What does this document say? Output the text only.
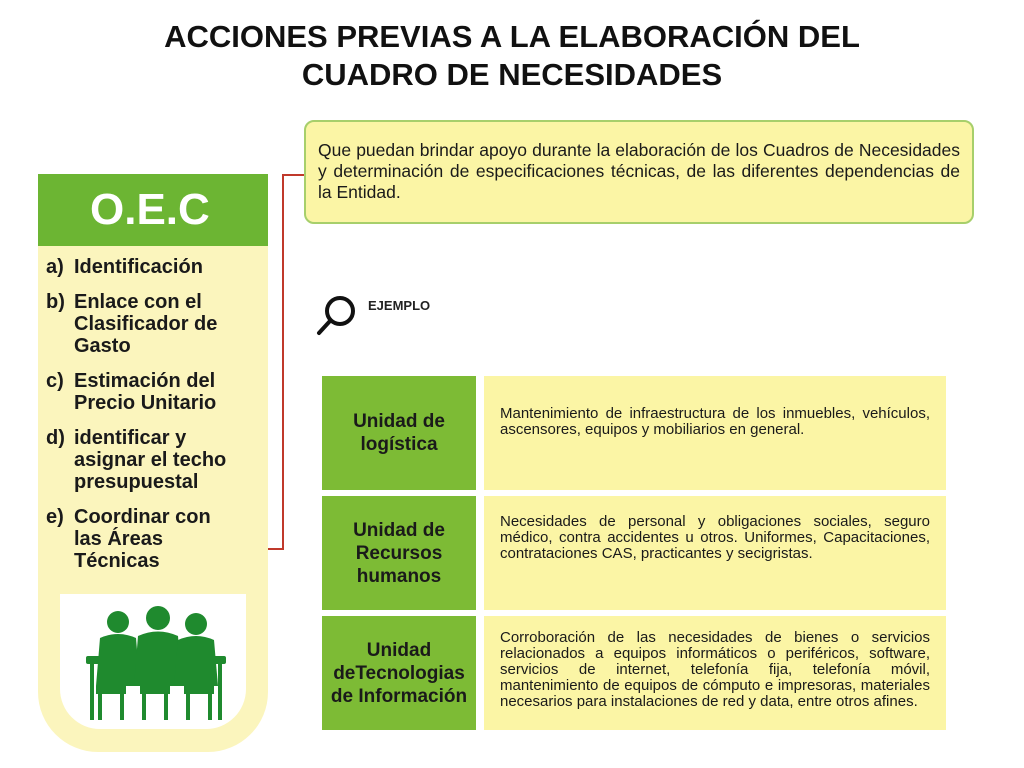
ACCIONES PREVIAS A LA ELABORACIÓN DEL
CUADRO DE NECESIDADES
O.E.C
a) Identificación
b) Enlace con el
Clasificador de
Gasto
c) Estimación del
Precio Unitario
d) identificar y
asignar el techo
presupuestal
e) Coordinar con
las Áreas
Técnicas
Que puedan brindar apoyo durante la elaboración de los Cuadros de Necesidades y determinación de especificaciones técnicas, de las diferentes dependencias de la Entidad.
EJEMPLO
Unidad de
logística
Mantenimiento de infraestructura de los inmuebles, vehículos, ascensores, equipos y mobiliarios en general.
Unidad de
Recursos
humanos
Necesidades de personal y obligaciones sociales, seguro médico, contra accidentes u otros. Uniformes, Capacitaciones, contrataciones CAS, practicantes y secigristas.
Unidad
deTecnologias
de Información
Corroboración de las necesidades de bienes o servicios relacionados a equipos informáticos o periféricos, software, servicios de internet, telefonía fija, telefonía móvil, mantenimiento de equipos de cómputo e impresoras, materiales necesarios para instalaciones de red y data, entre otros afines.
